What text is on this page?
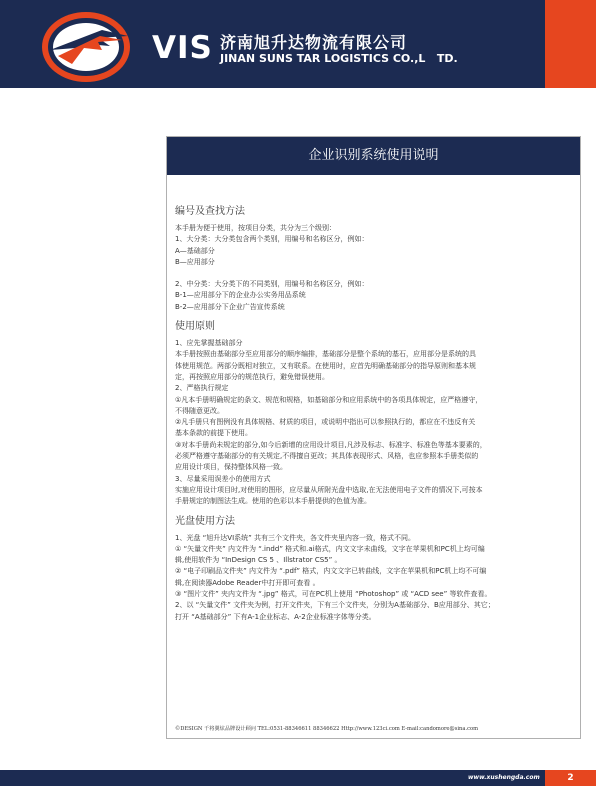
VIS 济南旭升达物流有限公司
JINAN SUNS TAR LOGISTICS CO.,L   TD.
企业识别系统使用说明
编号及查找方法

本手册为便于使用，按项目分类，共分为三个级别：

1、大分类：大分类包含两个类别，用编号和名称区分，例如：

A—基础部分

B—应用部分

2、中分类：大分类下的不同类别，用编号和名称区分，例如：

B-1—应用部分下的企业办公实务用品系统

B-2—应用部分下企业广告宣传系统

使用原则

1、应先掌握基础部分

本手册按照由基础部分至应用部分的顺序编排，基础部分是整个系统的基石，应用部分是系统的具

体使用规范。两部分既相对独立，又有联系。在使用时，应首先明确基础部分的指导原则和基本规

定，再按照应用部分的规范执行，避免错误使用。

2、严格执行规定

①凡本手册明确规定的条文、规范和规格，如基础部分和应用系统中的各项具体规定，应严格遵守，

不得随意更改。

②凡手册只有图例没有具体规格、材质的项目，或说明中指出可以参照执行的，都应在不违反有关

基本条款的前提下使用。

③对本手册尚未规定的部分,如今后新增的应用设计项目,凡涉及标志、标准字、标准色等基本要素的，

必须严格遵守基础部分的有关规定,不得擅自更改；其具体表现形式、风格，也应参照本手册类似的

应用设计项目，保持整体风格一致。

3、尽量采用误差小的使用方式

实施应用设计项目时,对使用的图形，应尽量从所附光盘中选取,在无法使用电子文件的情况下,可按本

手册规定的制图法生成。使用的色彩以本手册提供的色值为准。

光盘使用方法

1、光盘 “旭升达VI系统” 共有三个文件夹，各文件夹里内容一致，格式不同。

① “矢量文件夹” 内文件为 “.indd” 格式和.ai格式，内文文字未曲线，文字在苹果机和PC机上均可编

辑,使用软件为 “InDesign CS 5 、Illstrator CS5” 。

② “电子印刷品文件夹” 内文件为 “.pdf” 格式，内文文字已转曲线，文字在苹果机和PC机上均不可编

辑,在阅读器Adobe Reader中打开即可查看 。

③ “图片文件” 夹内文件为 “.jpg” 格式，可在PC机上使用 “Photoshop” 或 “ACD see” 等软件查看。

2、以 “矢量文件” 文件夹为例，打开文件夹，下有三个文件夹，分别为A基础部分、B应用部分、其它；

打开 “A基础部分” 下有A-1企业标志、A-2企业标准字体等分类。

©DESIGN 千将翼炫品牌设计顾问 TEL:0531-88346611 88346622 Http://www.123ci.com E-mail:candomore@sina.com
www.xushengda.com	2
